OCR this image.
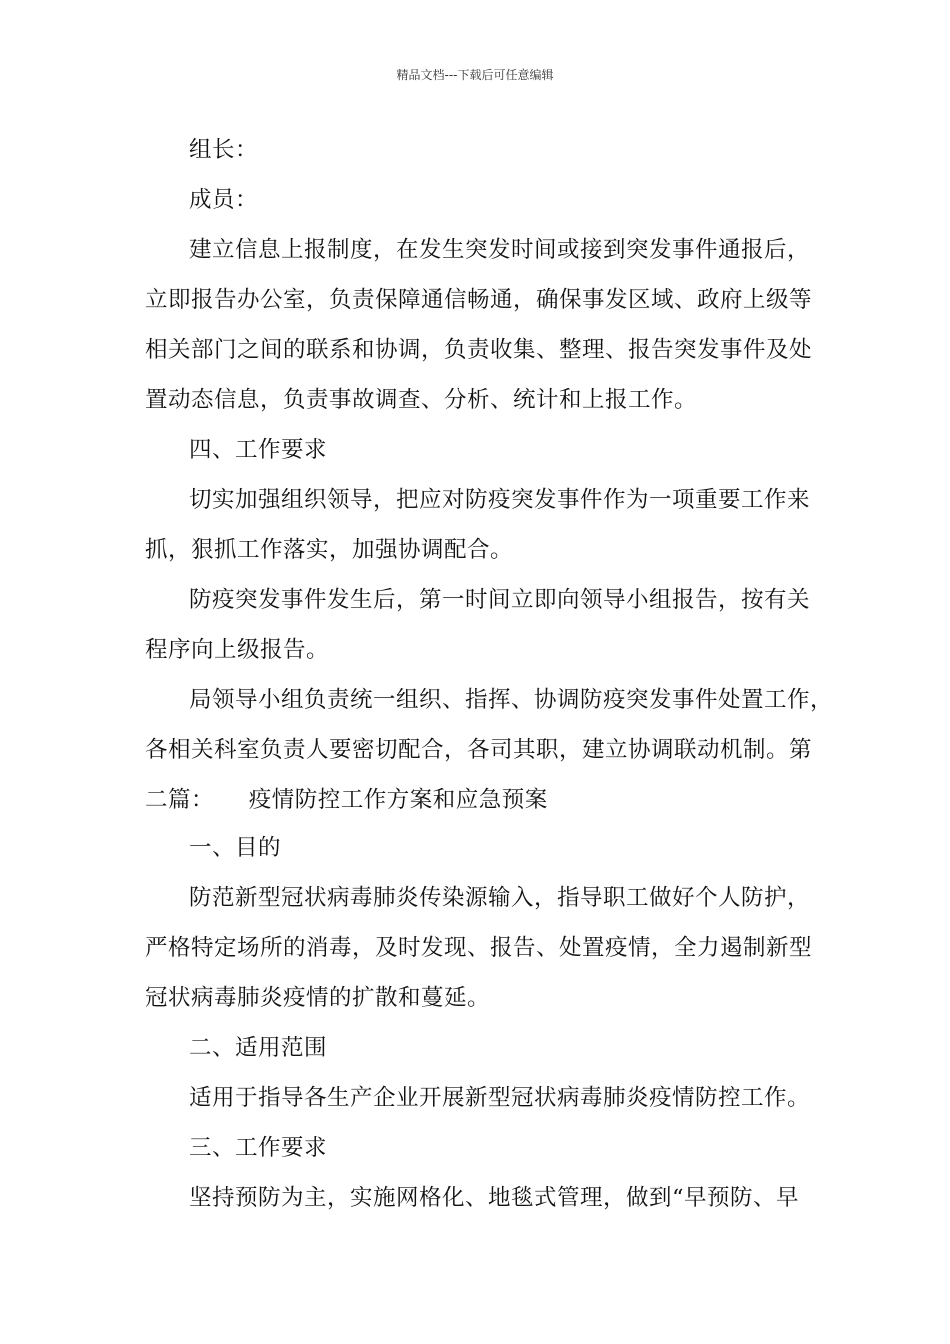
精品文档---下载后可任意编辑
组长：
成员：
建立信息上报制度，在发生突发时间或接到突发事件通报后，
立即报告办公室，负责保障通信畅通，确保事发区域、政府上级等
相关部门之间的联系和协调，负责收集、整理、报告突发事件及处
置动态信息，负责事故调查、分析、统计和上报工作。
四、工作要求
切实加强组织领导，把应对防疫突发事件作为一项重要工作来
抓，狠抓工作落实，加强协调配合。
防疫突发事件发生后，第一时间立即向领导小组报告，按有关
程序向上级报告。
局领导小组负责统一组织、指挥、协调防疫突发事件处置工作，
各相关科室负责人要密切配合，各司其职，建立协调联动机制。第
二篇：　　疫情防控工作方案和应急预案
一、目的
防范新型冠状病毒肺炎传染源输入，指导职工做好个人防护，
严格特定场所的消毒，及时发现、报告、处置疫情，全力遏制新型
冠状病毒肺炎疫情的扩散和蔓延。
二、适用范围
适用于指导各生产企业开展新型冠状病毒肺炎疫情防控工作。
三、工作要求
坚持预防为主，实施网格化、地毯式管理，做到“早预防、早
